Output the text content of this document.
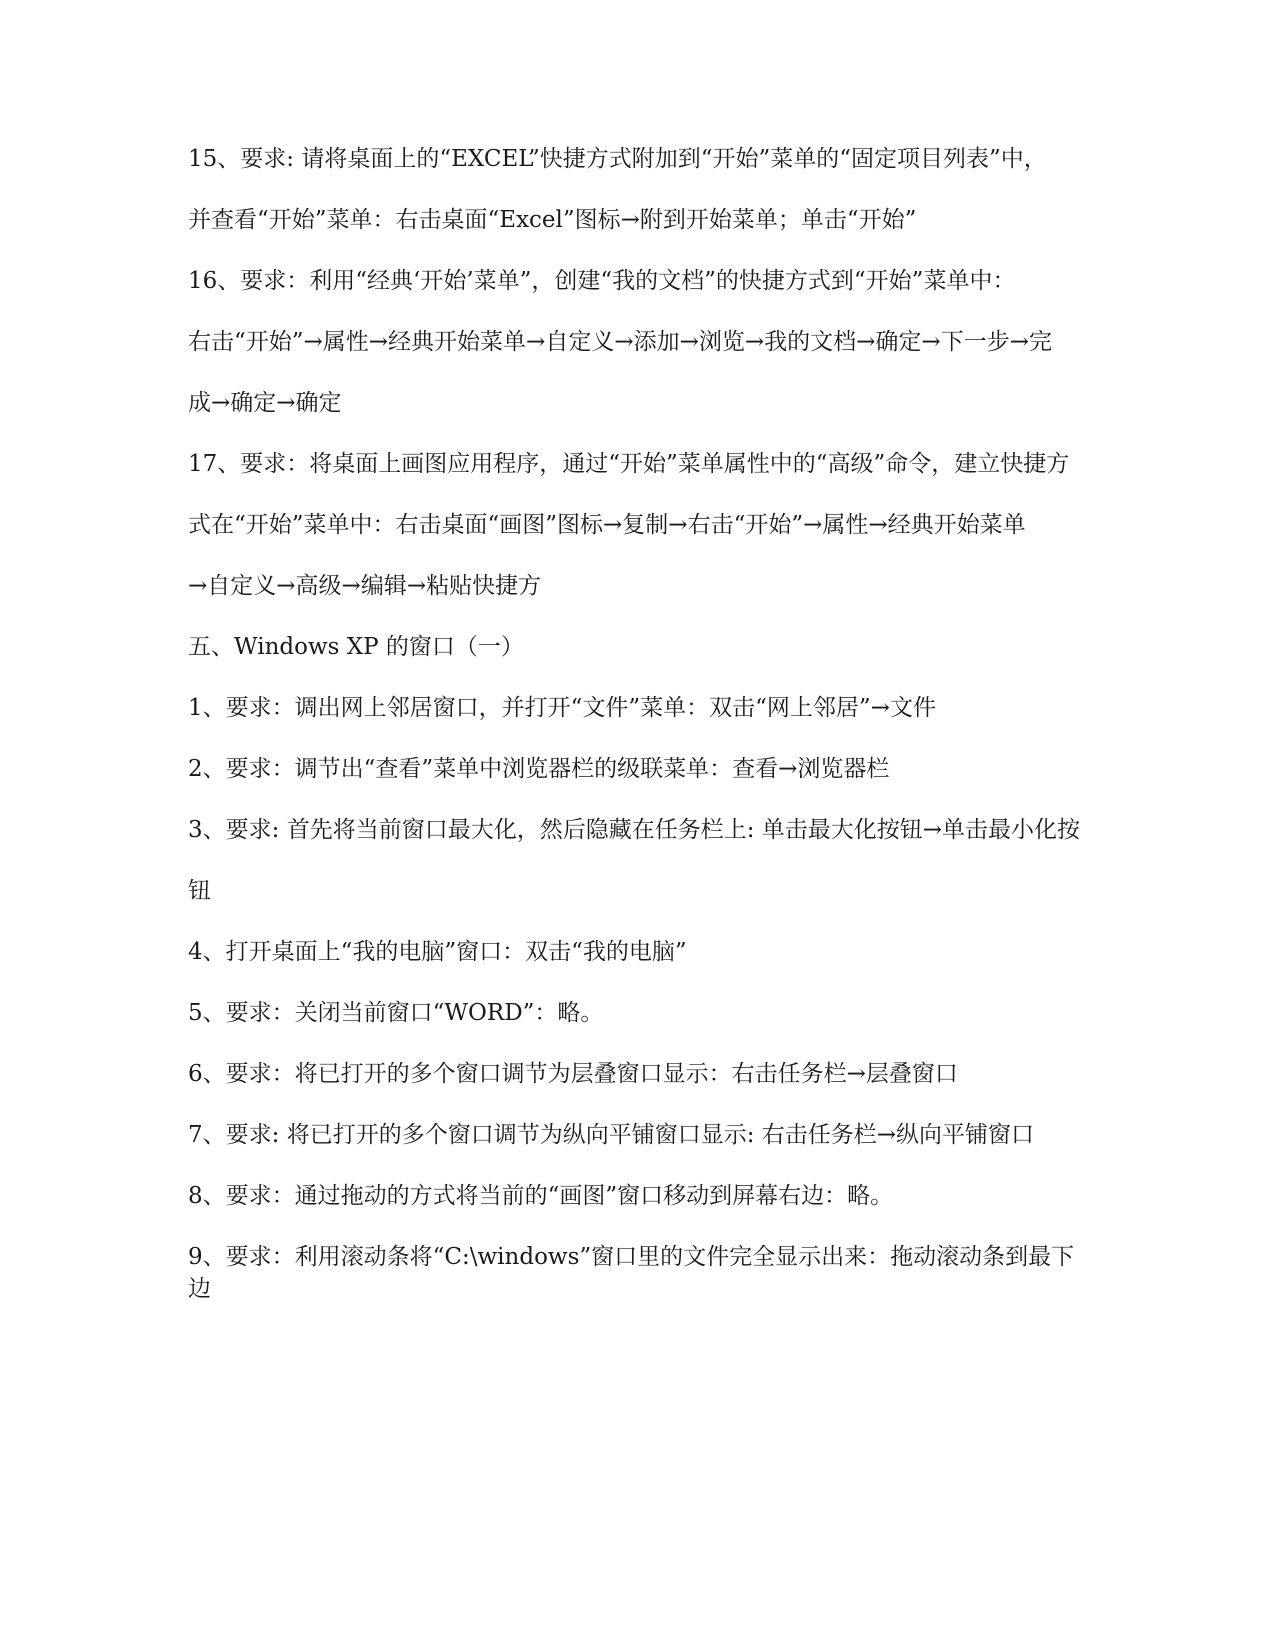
15、要求: 请将桌面上的“EXCEL”快捷方式附加到“开始”菜单的“固定项目列表”中，

并查看“开始”菜单：右击桌面“Excel”图标→附到开始菜单；单击“开始”

16、要求：利用“经典‘开始’菜单”，创建“我的文档”的快捷方式到“开始”菜单中：

右击“开始”→属性→经典开始菜单→自定义→添加→浏览→我的文档→确定→下一步→完

成→确定→确定

17、要求：将桌面上画图应用程序，通过“开始”菜单属性中的“高级”命令，建立快捷方

式在“开始”菜单中：右击桌面“画图”图标→复制→右击“开始”→属性→经典开始菜单

→自定义→高级→编辑→粘贴快捷方

五、Windows XP 的窗口（一）

1、要求：调出网上邻居窗口，并打开“文件”菜单：双击“网上邻居”→文件

2、要求：调节出“查看”菜单中浏览器栏的级联菜单：查看→浏览器栏

3、要求: 首先将当前窗口最大化，然后隐藏在任务栏上: 单击最大化按钮→单击最小化按

钮

4、打开桌面上“我的电脑”窗口：双击“我的电脑”

5、要求：关闭当前窗口“WORD”：略。

6、要求：将已打开的多个窗口调节为层叠窗口显示：右击任务栏→层叠窗口

7、要求: 将已打开的多个窗口调节为纵向平铺窗口显示: 右击任务栏→纵向平铺窗口

8、要求：通过拖动的方式将当前的“画图”窗口移动到屏幕右边：略。

9、要求：利用滚动条将“C:\windows”窗口里的文件完全显示出来：拖动滚动条到最下边
